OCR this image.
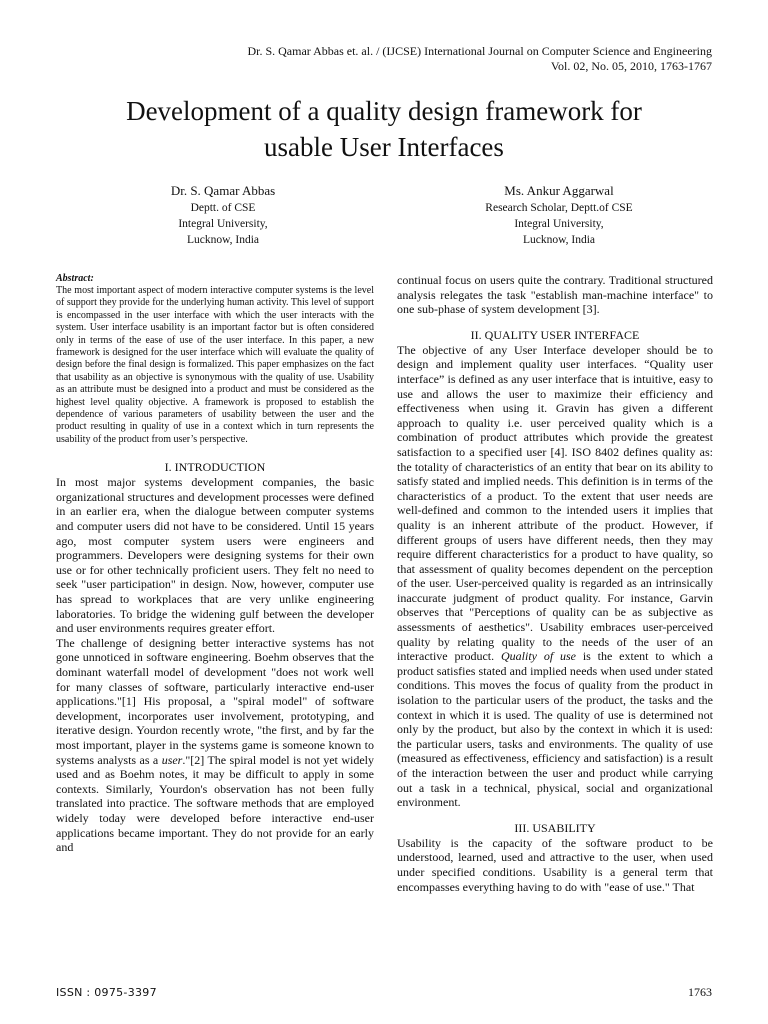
Dr. S. Qamar Abbas et. al. / (IJCSE) International Journal on Computer Science and Engineering
Vol. 02, No. 05, 2010, 1763-1767
Development of a quality design framework for
usable User Interfaces
Dr. S. Qamar Abbas
Deptt. of CSE
Integral University,
Lucknow, India
Ms. Ankur Aggarwal
Research Scholar, Deptt.of CSE
Integral University,
Lucknow, India
Abstract:

The most important aspect of modern interactive computer systems is the level of support they provide for the underlying human activity. This level of support is encompassed in the user interface with which the user interacts with the system. User interface usability is an important factor but is often considered only in terms of the ease of use of the user interface. In this paper, a new framework is designed for the user interface which will evaluate the quality of design before the final design is formalized. This paper emphasizes on the fact that usability as an objective is synonymous with the quality of use. Usability as an attribute must be designed into a product and must be considered as the highest level quality objective. A framework is proposed to establish the dependence of various parameters of usability between the user and the product resulting in quality of use in a context which in turn represents the usability of the product from user’s perspective.

I. INTRODUCTION

In most major systems development companies, the basic organizational structures and development processes were defined in an earlier era, when the dialogue between computer systems and computer users did not have to be considered. Until 15 years ago, most computer system users were engineers and programmers. Developers were designing systems for their own use or for other technically proficient users. They felt no need to seek "user participation" in design. Now, however, computer use has spread to workplaces that are very unlike engineering laboratories. To bridge the widening gulf between the developer and user environments requires greater effort.

The challenge of designing better interactive systems has not gone unnoticed in software engineering. Boehm observes that the dominant waterfall model of development "does not work well for many classes of software, particularly interactive end-user applications."[1] His proposal, a "spiral model" of software development, incorporates user involvement, prototyping, and iterative design. Yourdon recently wrote, "the first, and by far the most important, player in the systems game is someone known to systems analysts as a user."[2] The spiral model is not yet widely used and as Boehm notes, it may be difficult to apply in some contexts. Similarly, Yourdon's observation has not been fully translated into practice. The software methods that are employed widely today were developed before interactive end-user applications became important. They do not provide for an early and

continual focus on users quite the contrary. Traditional structured analysis relegates the task "establish man-machine interface" to one sub-phase of system development [3].

II. QUALITY USER INTERFACE

The objective of any User Interface developer should be to design and implement quality user interfaces. “Quality user interface” is defined as any user interface that is intuitive, easy to use and allows the user to maximize their efficiency and effectiveness when using it. Gravin has given a different approach to quality i.e. user perceived quality which is a combination of product attributes which provide the greatest satisfaction to a specified user [4]. ISO 8402 defines quality as: the totality of characteristics of an entity that bear on its ability to satisfy stated and implied needs. This definition is in terms of the characteristics of a product. To the extent that user needs are well-defined and common to the intended users it implies that quality is an inherent attribute of the product. However, if different groups of users have different needs, then they may require different characteristics for a product to have quality, so that assessment of quality becomes dependent on the perception of the user. User-perceived quality is regarded as an intrinsically inaccurate judgment of product quality. For instance, Garvin observes that "Perceptions of quality can be as subjective as assessments of aesthetics". Usability embraces user-perceived quality by relating quality to the needs of the user of an interactive product. Quality of use is the extent to which a product satisfies stated and implied needs when used under stated conditions. This moves the focus of quality from the product in isolation to the particular users of the product, the tasks and the context in which it is used. The quality of use is determined not only by the product, but also by the context in which it is used: the particular users, tasks and environments. The quality of use (measured as effectiveness, efficiency and satisfaction) is a result of the interaction between the user and product while carrying out a task in a technical, physical, social and organizational environment.

III. USABILITY

Usability is the capacity of the software product to be understood, learned, used and attractive to the user, when used under specified conditions. Usability is a general term that encompasses everything having to do with "ease of use." That

ISSN : 0975-3397	1763
